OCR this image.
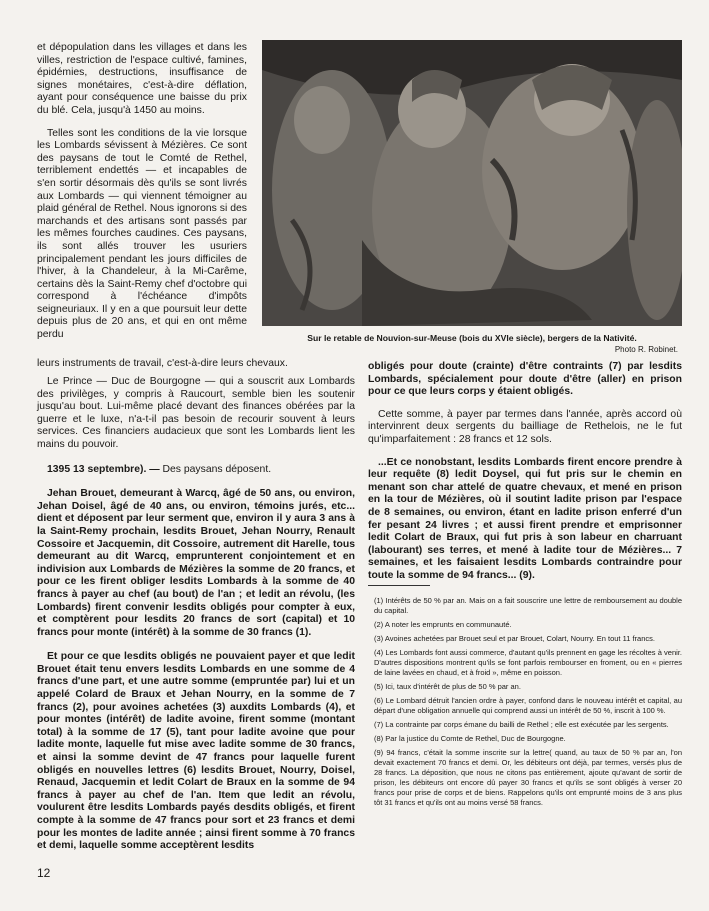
et dépopulation dans les villages et dans les villes, restriction de l'espace cultivé, famines, épidémies, destructions, insuffisance de signes monétaires, c'est-à-dire déflation, ayant pour conséquence une baisse du prix du blé. Cela, jusqu'à 1450 au moins.

Telles sont les conditions de la vie lorsque les Lombards sévissent à Mézières. Ce sont des paysans de tout le Comté de Rethel, terriblement endettés — et incapables de s'en sortir désormais dès qu'ils se sont livrés aux Lombards — qui viennent témoigner au plaid général de Rethel. Nous ignorons si des marchands et des artisans sont passés par les mêmes fourches caudines. Ces paysans, ils sont allés trouver les usuriers principalement pendant les jours difficiles de l'hiver, à la Chandeleur, à la Mi-Carême, certains dès la Saint-Remy chef d'octobre qui correspond à l'échéance d'impôts seigneuriaux. Il y en a que poursuit leur dette depuis plus de 20 ans, et qui en ont même perdu	Sur le retable de Nouvion-sur-Meuse (bois du XVIe siècle), bergers de la Nativité.
Photo R. Robinet.
leurs instruments de travail, c'est-à-dire leurs chevaux.

Le Prince — Duc de Bourgogne — qui a souscrit aux Lombards des privilèges, y compris à Raucourt, semble bien les soutenir jusqu'au bout. Lui-même placé devant des finances obérées par la guerre et le luxe, n'a-t-il pas besoin de recourir souvent à leurs services. Ces financiers audacieux que sont les Lombards lient les mains du pouvoir.

1395 13 septembre). — Des paysans déposent.

Jehan Brouet, demeurant à Warcq, âgé de 50 ans, ou environ, Jehan Doisel, âgé de 40 ans, ou environ, témoins jurés, etc... dient et déposent par leur serment que, environ il y aura 3 ans à la Saint-Remy prochain, lesdits Brouet, Jehan Nourry, Renault Cossoire et Jacquemin, dit Cossoire, autrement dit Harelle, tous demeurant au dit Warcq, emprunterent conjointement et en indivision aux Lombards de Mézières la somme de 20 francs, et pour ce les firent obliger lesdits Lombards à la somme de 40 francs à payer au chef (au bout) de l'an ; et ledit an révolu, (les Lombards) firent convenir lesdits obligés pour compter à eux, et comptèrent pour lesdits 20 francs de sort (capital) et 10 francs pour monte (intérêt) à la somme de 30 francs (1).

Et pour ce que lesdits obligés ne pouvaient payer et que ledit Brouet était tenu envers lesdits Lombards en une somme de 4 francs d'une part, et une autre somme (empruntée par) lui et un appelé Colard de Braux et Jehan Nourry, en la somme de 7 francs (2), pour avoines achetées (3) auxdits Lombards (4), et pour montes (intérêt) de ladite avoine, firent somme (montant total) à la somme de 17 (5), tant pour ladite avoine que pour ladite monte, laquelle fut mise avec ladite somme de 30 francs, et ainsi la somme devint de 47 francs pour laquelle furent obligés en nouvelles lettres (6) lesdits Brouet, Nourry, Doisel, Renaud, Jacquemin et ledit Colart de Braux en la somme de 94 francs à payer au chef de l'an. Item que ledit an révolu, voulurent être lesdits Lombards payés desdits obligés, et firent compte à la somme de 47 francs pour sort et 23 francs et demi pour les montes de ladite année ; ainsi firent somme à 70 francs et demi, laquelle somme acceptèrent lesdits

obligés pour doute (crainte) d'être contraints (7) par lesdits Lombards, spécialement pour doute d'être (aller) en prison pour ce que leurs corps y étaient obligés.

Cette somme, à payer par termes dans l'année, après accord où intervinrent deux sergents du bailliage de Rethelois, ne le fut qu'imparfaitement : 28 francs et 12 sols.

...Et ce nonobstant, lesdits Lombards firent encore prendre à leur requête (8) ledit Doysel, qui fut pris sur le chemin en menant son char attelé de quatre chevaux, et mené en prison en la tour de Mézières, où il soutint ladite prison par l'espace de 8 semaines, ou environ, étant en ladite prison enferré d'un fer pesant 24 livres ; et aussi firent prendre et emprisonner ledit Colart de Braux, qui fut pris à son labeur en charruant (labourant) ses terres, et mené à ladite tour de Mézières... 7 semaines, et les faisaient lesdits Lombards contraindre pour toute la somme de 94 francs... (9).

(1) Intérêts de 50 % par an. Mais on a fait souscrire une lettre de remboursement au double du capital.

(2) A noter les emprunts en communauté.

(3) Avoines achetées par Brouet seul et par Brouet, Colart, Nourry. En tout 11 francs.

(4) Les Lombards font aussi commerce, d'autant qu'ils prennent en gage les récoltes à venir. D'autres dispositions montrent qu'ils se font parfois rembourser en froment, ou en « pierres de laine lavées en chaud, et à froid », même en poisson.

(5) Ici, taux d'intérêt de plus de 50 % par an.

(6) Le Lombard détruit l'ancien ordre à payer, confond dans le nouveau intérêt et capital, au départ d'une obligation annuelle qui comprend aussi un intérêt de 50 %, inscrit à 100 %.

(7) La contrainte par corps émane du bailli de Rethel ; elle est exécutée par les sergents.

(8) Par la justice du Comte de Rethel, Duc de Bourgogne.

(9) 94 francs, c'était la somme inscrite sur la lettre( quand, au taux de 50 % par an, l'on devait exactement 70 francs et demi. Or, les débiteurs ont déjà, par termes, versés plus de 28 francs. La déposition, que nous ne citons pas entièrement, ajoute qu'avant de sortir de prison, les débiteurs ont encore dû payer 30 francs et qu'ils se sont obligés à verser 20 francs pour prise de corps et de biens. Rappelons qu'ils ont emprunté moins de 3 ans plus tôt 31 francs et qu'ils ont au moins versé 58 francs.

12
